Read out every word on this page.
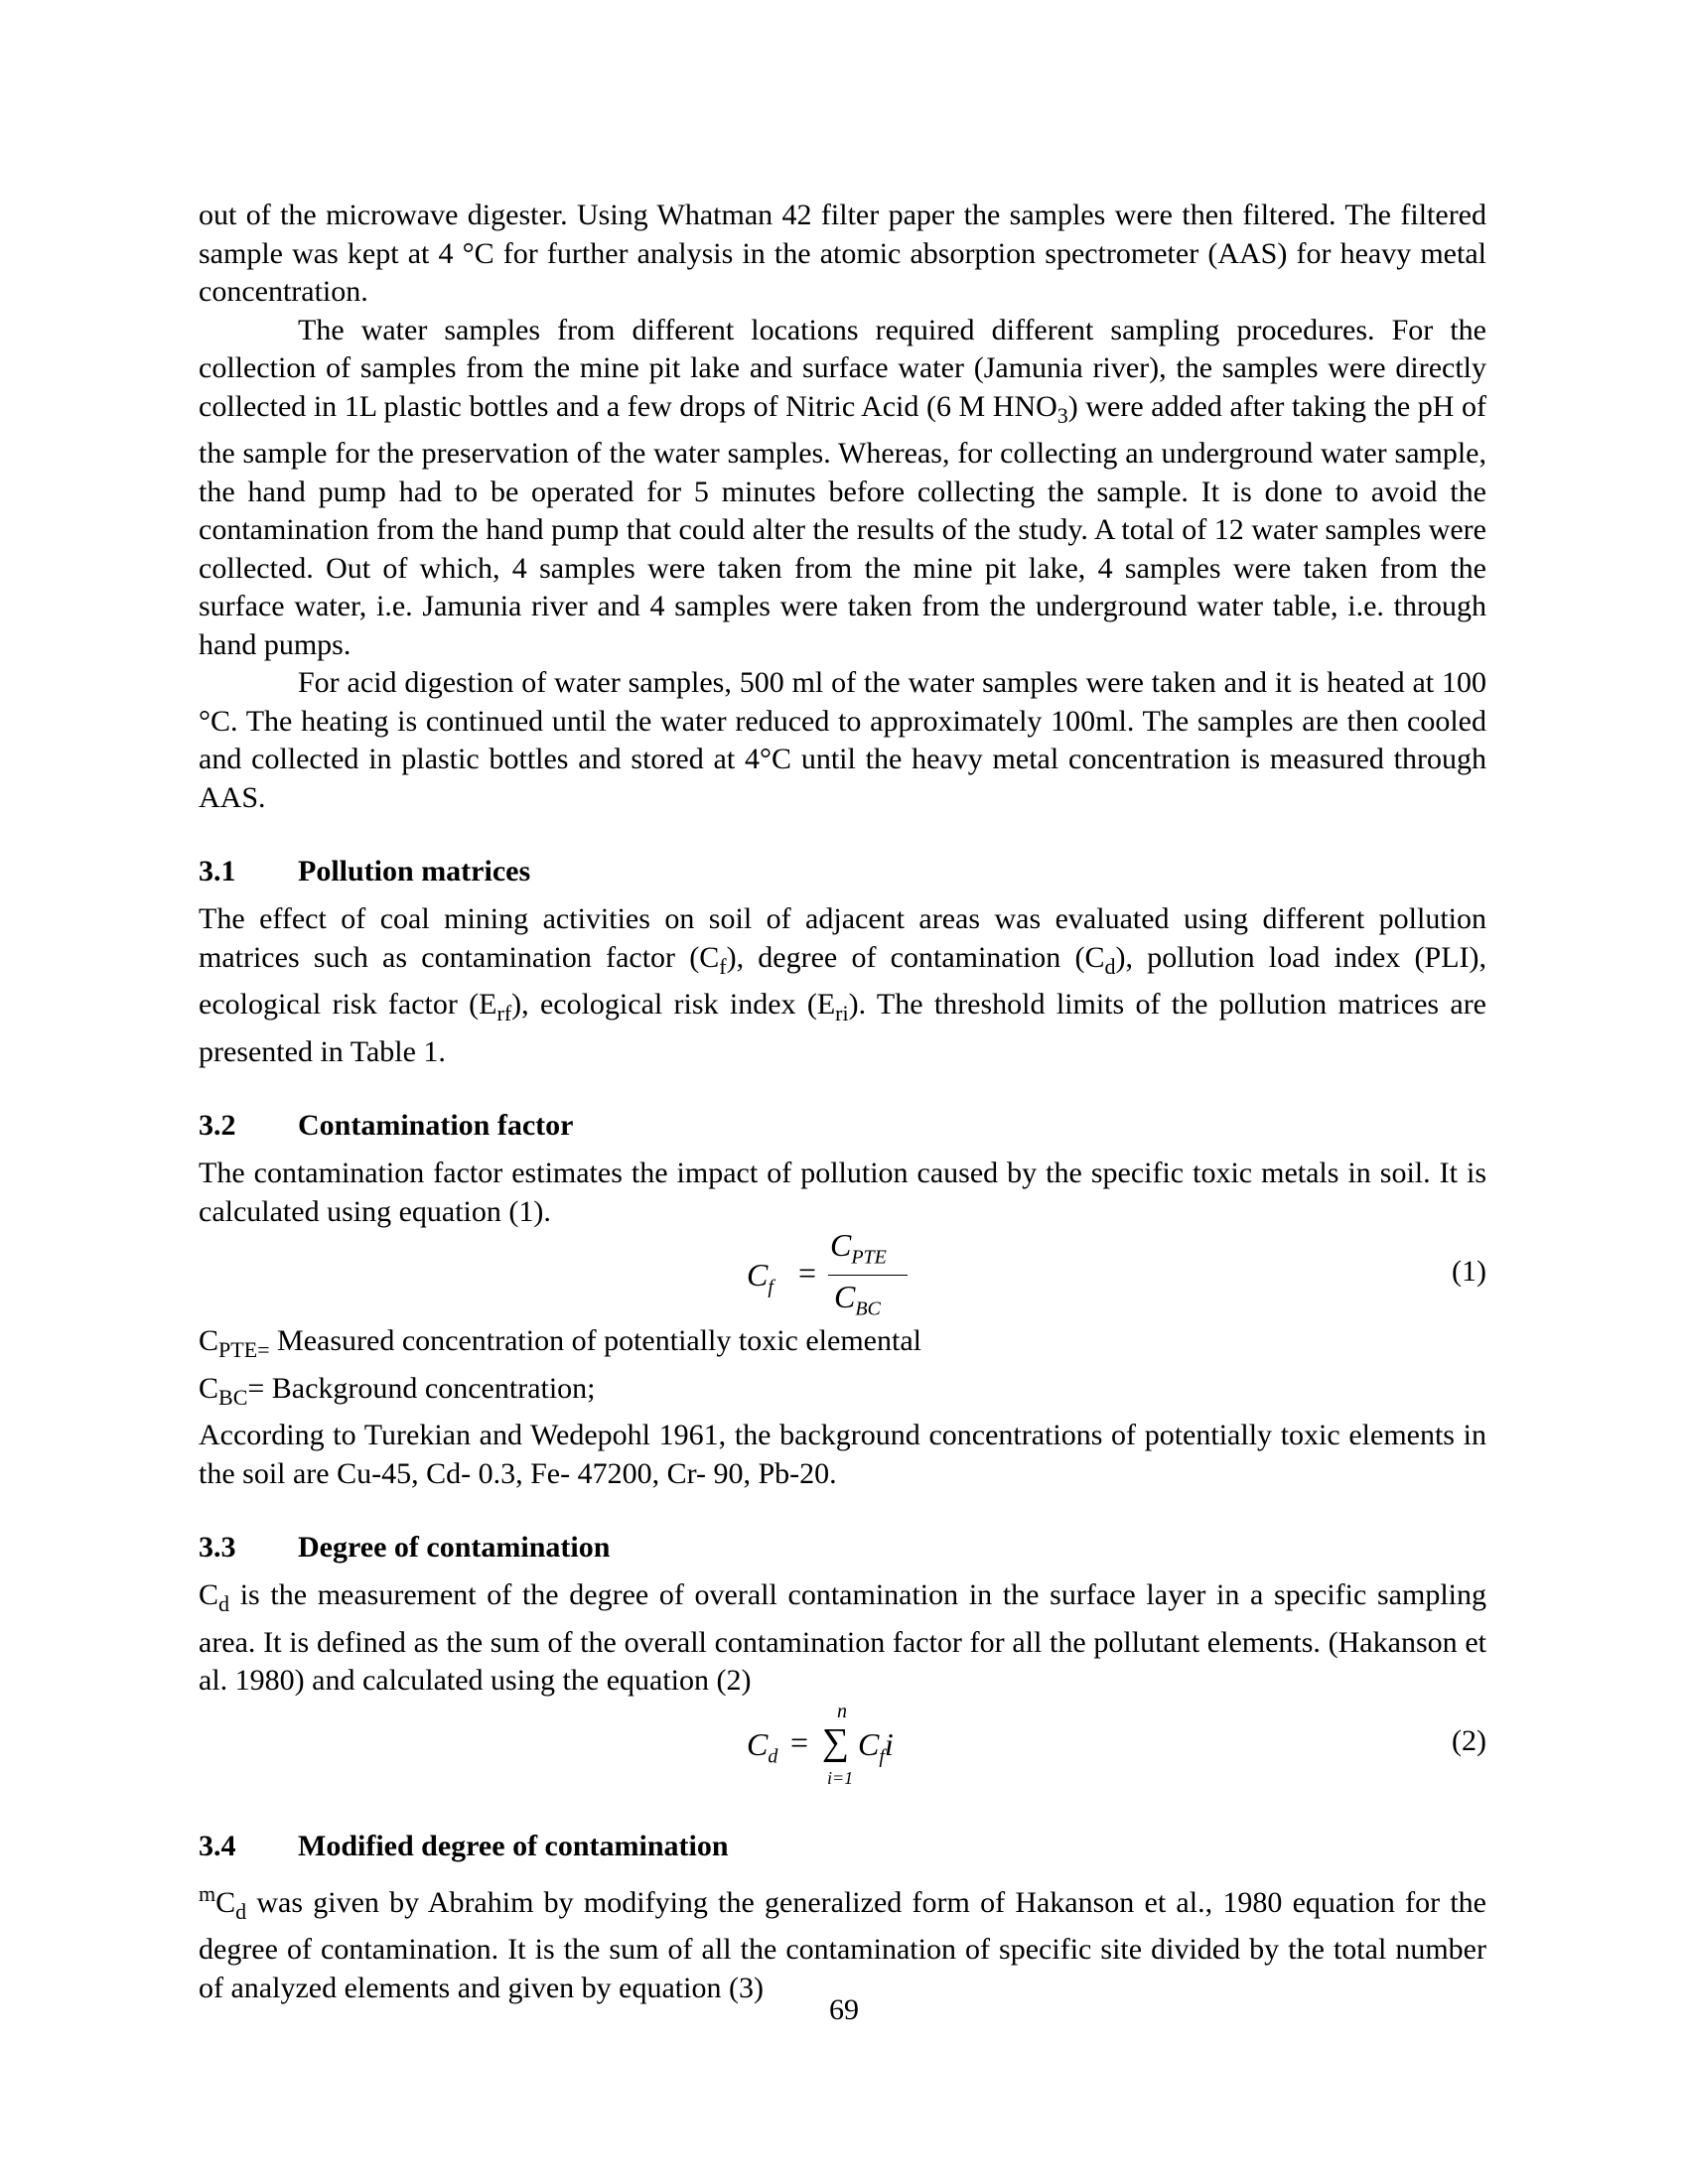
out of the microwave digester. Using Whatman 42 filter paper the samples were then filtered. The filtered sample was kept at 4 °C for further analysis in the atomic absorption spectrometer (AAS) for heavy metal concentration.

The water samples from different locations required different sampling procedures. For the collection of samples from the mine pit lake and surface water (Jamunia river), the samples were directly collected in 1L plastic bottles and a few drops of Nitric Acid (6 M $HNO_3$) were added after taking the pH of the sample for the preservation of the water samples. Whereas, for collecting an underground water sample, the hand pump had to be operated for 5 minutes before collecting the sample. It is done to avoid the contamination from the hand pump that could alter the results of the study. A total of 12 water samples were collected. Out of which, 4 samples were taken from the mine pit lake, 4 samples were taken from the surface water, i.e. Jamunia river and 4 samples were taken from the underground water table, i.e. through hand pumps.

For acid digestion of water samples, 500 ml of the water samples were taken and it is heated at 100 °C. The heating is continued until the water reduced to approximately 100ml. The samples are then cooled and collected in plastic bottles and stored at 4°C until the heavy metal concentration is measured through AAS.

3.1 Pollution matrices

The effect of coal mining activities on soil of adjacent areas was evaluated using different pollution matrices such as contamination factor $(C_f)$, degree of contamination $(C_d)$, pollution load index (PLI), ecological risk factor $(E_{rf})$, ecological risk index $(E_{ri})$. The threshold limits of the pollution matrices are presented in Table 1.

3.2 Contamination factor

The contamination factor estimates the impact of pollution caused by the specific toxic metals in soil. It is calculated using equation (1).

$C_f$ =
$C_{PTE}$
$C_{BC}$
(1)

$C_{PTE=}$ Measured concentration of potentially toxic elemental

$C_{BC}=$ Background concentration;

According to Turekian and Wedepohl 1961, the background concentrations of potentially toxic elements in the soil are Cu-45, Cd- 0.3, Fe- 47200, Cr- 90, Pb-20.

3.3 Degree of contamination

$C_d$ is the measurement of the degree of overall contamination in the surface layer in a specific sampling area. It is defined as the sum of the overall contamination factor for all the pollutant elements. (Hakanson et al. 1980) and calculated using the equation (2)

n
$C_d$ = ∑
i=1
$C_fi$	(2)
3.4 Modified degree of contamination

$^mC_d$ was given by Abrahim by modifying the generalized form of Hakanson et al., 1980 equation for the degree of contamination. It is the sum of all the contamination of specific site divided by the total number of analyzed elements and given by equation (3)

69
